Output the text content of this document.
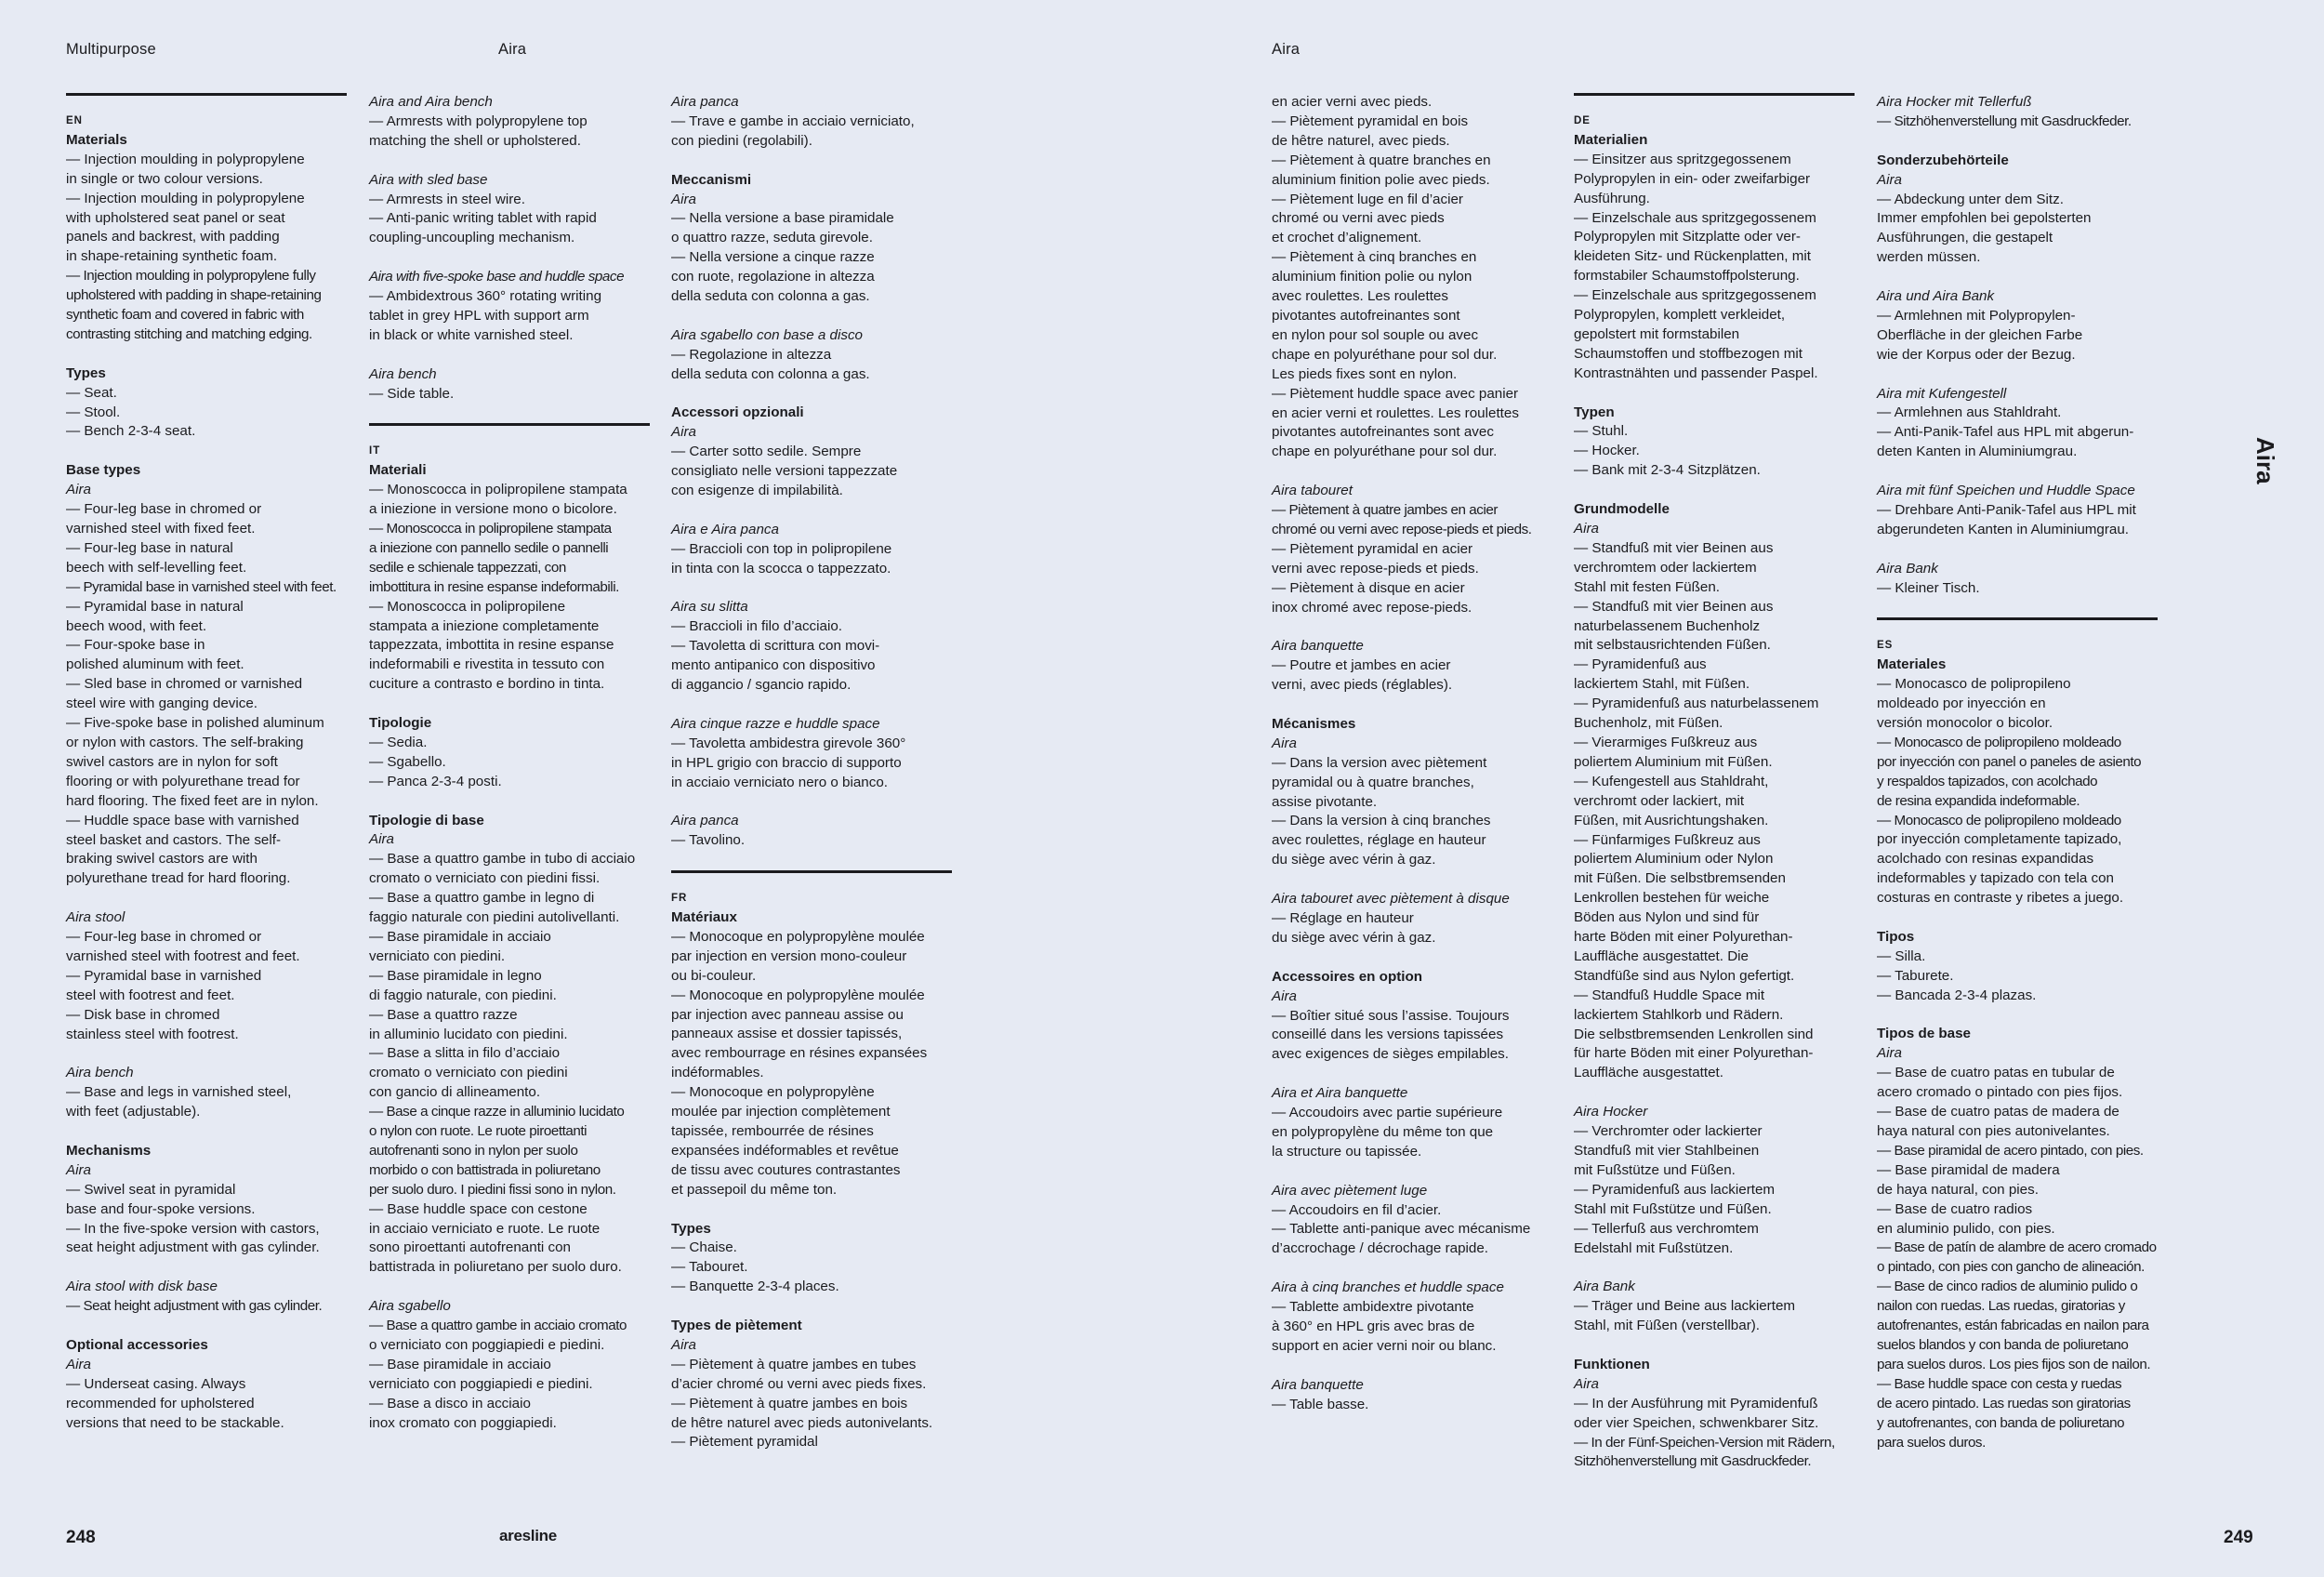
Multipurpose	Aira	Aira
EN
Materials
— Injection moulding in polypropylene
in single or two colour versions.
— Injection moulding in polypropylene
with upholstered seat panel or seat
panels and backrest, with padding
in shape-retaining synthetic foam.
— Injection moulding in polypropylene fully
upholstered with padding in shape-retaining
synthetic foam and covered in fabric with
contrasting stitching and matching edging.
Types
— Seat.
— Stool.
— Bench 2-3-4 seat.
Base types
Aira
— Four-leg base in chromed or
varnished steel with fixed feet.
— Four-leg base in natural
beech with self-levelling feet.
— Pyramidal base in varnished steel with feet.
— Pyramidal base in natural
beech wood, with feet.
— Four-spoke base in
polished aluminum with feet.
— Sled base in chromed or varnished
steel wire with ganging device.
— Five-spoke base in polished aluminum
or nylon with castors. The self-braking
swivel castors are in nylon for soft
flooring or with polyurethane tread for
hard flooring. The fixed feet are in nylon.
— Huddle space base with varnished
steel basket and castors. The self-
braking swivel castors are with
polyurethane tread for hard flooring.
Aira stool
— Four-leg base in chromed or
varnished steel with footrest and feet.
— Pyramidal base in varnished
steel with footrest and feet.
— Disk base in chromed
stainless steel with footrest.
Aira bench
— Base and legs in varnished steel,
with feet (adjustable).
Mechanisms
Aira
— Swivel seat in pyramidal
base and four-spoke versions.
— In the five-spoke version with castors,
seat height adjustment with gas cylinder.
Aira stool with disk base
— Seat height adjustment with gas cylinder.
Optional accessories
Aira
— Underseat casing. Always
recommended for upholstered
versions that need to be stackable.
Aira and Aira bench
— Armrests with polypropylene top
matching the shell or upholstered.
Aira with sled base
— Armrests in steel wire.
— Anti-panic writing tablet with rapid
coupling-uncoupling mechanism.
Aira with five-spoke base and huddle space
— Ambidextrous 360° rotating writing
tablet in grey HPL with support arm
in black or white varnished steel.
Aira bench
— Side table.
IT
Materiali
— Monoscocca in polipropilene stampata
a iniezione in versione mono o bicolore.
— Monoscocca in polipropilene stampata
a iniezione con pannello sedile o pannelli
sedile e schienale tappezzati, con
imbottitura in resine espanse indeformabili.
— Monoscocca in polipropilene
stampata a iniezione completamente
tappezzata, imbottita in resine espanse
indeformabili e rivestita in tessuto con
cuciture a contrasto e bordino in tinta.
Tipologie
— Sedia.
— Sgabello.
— Panca 2-3-4 posti.
Tipologie di base
Aira
— Base a quattro gambe in tubo di acciaio
cromato o verniciato con piedini fissi.
— Base a quattro gambe in legno di
faggio naturale con piedini autolivellanti.
— Base piramidale in acciaio
verniciato con piedini.
— Base piramidale in legno
di faggio naturale, con piedini.
— Base a quattro razze
in alluminio lucidato con piedini.
— Base a slitta in filo d’acciaio
cromato o verniciato con piedini
con gancio di allineamento.
— Base a cinque razze in alluminio lucidato
o nylon con ruote. Le ruote piroettanti
autofrenanti sono in nylon per suolo
morbido o con battistrada in poliuretano
per suolo duro. I piedini fissi sono in nylon.
— Base huddle space con cestone
in acciaio verniciato e ruote. Le ruote
sono piroettanti autofrenanti con
battistrada in poliuretano per suolo duro.
Aira sgabello
— Base a quattro gambe in acciaio cromato
o verniciato con poggiapiedi e piedini.
— Base piramidale in acciaio
verniciato con poggiapiedi e piedini.
— Base a disco in acciaio
inox cromato con poggiapiedi.
Aira panca
— Trave e gambe in acciaio verniciato,
con piedini (regolabili).
Meccanismi
Aira
— Nella versione a base piramidale
o quattro razze, seduta girevole.
— Nella versione a cinque razze
con ruote, regolazione in altezza
della seduta con colonna a gas.
Aira sgabello con base a disco
— Regolazione in altezza
della seduta con colonna a gas.
Accessori opzionali
Aira
— Carter sotto sedile. Sempre
consigliato nelle versioni tappezzate
con esigenze di impilabilità.
Aira e Aira panca
— Braccioli con top in polipropilene
in tinta con la scocca o tappezzato.
Aira su slitta
— Braccioli in filo d’acciaio.
— Tavoletta di scrittura con movi-
mento antipanico con dispositivo
di aggancio / sgancio rapido.
Aira cinque razze e huddle space
— Tavoletta ambidestra girevole 360°
in HPL grigio con braccio di supporto
in acciaio verniciato nero o bianco.
Aira panca
— Tavolino.
FR
Matériaux
— Monocoque en polypropylène moulée
par injection en version mono-couleur
ou bi-couleur.
— Monocoque en polypropylène moulée
par injection avec panneau assise ou
panneaux assise et dossier tapissés,
avec rembourrage en résines expansées
indéformables.
— Monocoque en polypropylène
moulée par injection complètement
tapissée, rembourrée de résines
expansées indéformables et revêtue
de tissu avec coutures contrastantes
et passepoil du même ton.
Types
— Chaise.
— Tabouret.
— Banquette 2-3-4 places.
Types de piètement
Aira
— Piètement à quatre jambes en tubes
d’acier chromé ou verni avec pieds fixes.
— Piètement à quatre jambes en bois
de hêtre naturel avec pieds autonivelants.
— Piètement pyramidal
en acier verni avec pieds.
— Piètement pyramidal en bois
de hêtre naturel, avec pieds.
— Piètement à quatre branches en
aluminium finition polie avec pieds.
— Piètement luge en fil d’acier
chromé ou verni avec pieds
et crochet d’alignement.
— Piètement à cinq branches en
aluminium finition polie ou nylon
avec roulettes. Les roulettes
pivotantes autofreinantes sont
en nylon pour sol souple ou avec
chape en polyuréthane pour sol dur.
Les pieds fixes sont en nylon.
— Piètement huddle space avec panier
en acier verni et roulettes. Les roulettes
pivotantes autofreinantes sont avec
chape en polyuréthane pour sol dur.
Aira tabouret
— Piètement à quatre jambes en acier
chromé ou verni avec repose-pieds et pieds.
— Piètement pyramidal en acier
verni avec repose-pieds et pieds.
— Piètement à disque en acier
inox chromé avec repose-pieds.
Aira banquette
— Poutre et jambes en acier
verni, avec pieds (réglables).
Mécanismes
Aira
— Dans la version avec piètement
pyramidal ou à quatre branches,
assise pivotante.
— Dans la version à cinq branches
avec roulettes, réglage en hauteur
du siège avec vérin à gaz.
Aira tabouret avec piètement à disque
— Réglage en hauteur
du siège avec vérin à gaz.
Accessoires en option
Aira
— Boîtier situé sous l’assise. Toujours
conseillé dans les versions tapissées
avec exigences de sièges empilables.
Aira et Aira banquette
— Accoudoirs avec partie supérieure
en polypropylène du même ton que
la structure ou tapissée.
Aira avec piètement luge
— Accoudoirs en fil d’acier.
— Tablette anti-panique avec mécanisme
d’accrochage / décrochage rapide.
Aira à cinq branches et huddle space
— Tablette ambidextre pivotante
à 360° en HPL gris avec bras de
support en acier verni noir ou blanc.
Aira banquette
— Table basse.
DE
Materialien
— Einsitzer aus spritzgegossenem
Polypropylen in ein- oder zweifarbiger
Ausführung.
— Einzelschale aus spritzgegossenem
Polypropylen mit Sitzplatte oder ver-
kleideten Sitz- und Rückenplatten, mit
formstabiler Schaumstoffpolsterung.
— Einzelschale aus spritzgegossenem
Polypropylen, komplett verkleidet,
gepolstert mit formstabilen
Schaumstoffen und stoffbezogen mit
Kontrastnähten und passender Paspel.
Typen
— Stuhl.
— Hocker.
— Bank mit 2-3-4 Sitzplätzen.
Grundmodelle
Aira
— Standfuß mit vier Beinen aus
verchromtem oder lackiertem
Stahl mit festen Füßen.
— Standfuß mit vier Beinen aus
naturbelassenem Buchenholz
mit selbstausrichtenden Füßen.
— Pyramidenfuß aus
lackiertem Stahl, mit Füßen.
— Pyramidenfuß aus naturbelassenem
Buchenholz, mit Füßen.
— Vierarmiges Fußkreuz aus
poliertem Aluminium mit Füßen.
— Kufengestell aus Stahldraht,
verchromt oder lackiert, mit
Füßen, mit Ausrichtungshaken.
— Fünfarmiges Fußkreuz aus
poliertem Aluminium oder Nylon
mit Füßen. Die selbstbremsenden
Lenkrollen bestehen für weiche
Böden aus Nylon und sind für
harte Böden mit einer Polyurethan-
Lauffläche ausgestattet. Die
Standfüße sind aus Nylon gefertigt.
— Standfuß Huddle Space mit
lackiertem Stahlkorb und Rädern.
Die selbstbremsenden Lenkrollen sind
für harte Böden mit einer Polyurethan-
Lauffläche ausgestattet.
Aira Hocker
— Verchromter oder lackierter
Standfuß mit vier Stahlbeinen
mit Fußstütze und Füßen.
— Pyramidenfuß aus lackiertem
Stahl mit Fußstütze und Füßen.
— Tellerfuß aus verchromtem
Edelstahl mit Fußstützen.
Aira Bank
— Träger und Beine aus lackiertem
Stahl, mit Füßen (verstellbar).
Funktionen
Aira
— In der Ausführung mit Pyramidenfuß
oder vier Speichen, schwenkbarer Sitz.
— In der Fünf-Speichen-Version mit Rädern,
Sitzhöhenverstellung mit Gasdruckfeder.
Aira Hocker mit Tellerfuß
— Sitzhöhenverstellung mit Gasdruckfeder.
Sonderzubehörteile
Aira
— Abdeckung unter dem Sitz.
Immer empfohlen bei gepolsterten
Ausführungen, die gestapelt
werden müssen.
Aira und Aira Bank
— Armlehnen mit Polypropylen-
Oberfläche in der gleichen Farbe
wie der Korpus oder der Bezug.
Aira mit Kufengestell
— Armlehnen aus Stahldraht.
— Anti-Panik-Tafel aus HPL mit abgerun-
deten Kanten in Aluminiumgrau.
Aira mit fünf Speichen und Huddle Space
— Drehbare Anti-Panik-Tafel aus HPL mit
abgerundeten Kanten in Aluminiumgrau.
Aira Bank
— Kleiner Tisch.
ES
Materiales
— Monocasco de polipropileno
moldeado por inyección en
versión monocolor o bicolor.
— Monocasco de polipropileno moldeado
por inyección con panel o paneles de asiento
y respaldos tapizados, con acolchado
de resina expandida indeformable.
— Monocasco de polipropileno moldeado
por inyección completamente tapizado,
acolchado con resinas expandidas
indeformables y tapizado con tela con
costuras en contraste y ribetes a juego.
Tipos
— Silla.
— Taburete.
— Bancada 2-3-4 plazas.
Tipos de base
Aira
— Base de cuatro patas en tubular de
acero cromado o pintado con pies fijos.
— Base de cuatro patas de madera de
haya natural con pies autonivelantes.
— Base piramidal de acero pintado, con pies.
— Base piramidal de madera
de haya natural, con pies.
— Base de cuatro radios
en aluminio pulido, con pies.
— Base de patín de alambre de acero cromado
o pintado, con pies con gancho de alineación.
— Base de cinco radios de aluminio pulido o
nailon con ruedas. Las ruedas, giratorias y
autofrenantes, están fabricadas en nailon para
suelos blandos y con banda de poliuretano
para suelos duros. Los pies fijos son de nailon.
— Base huddle space con cesta y ruedas
de acero pintado. Las ruedas son giratorias
y autofrenantes, con banda de poliuretano
para suelos duros.
Aira
248	aresline	249
